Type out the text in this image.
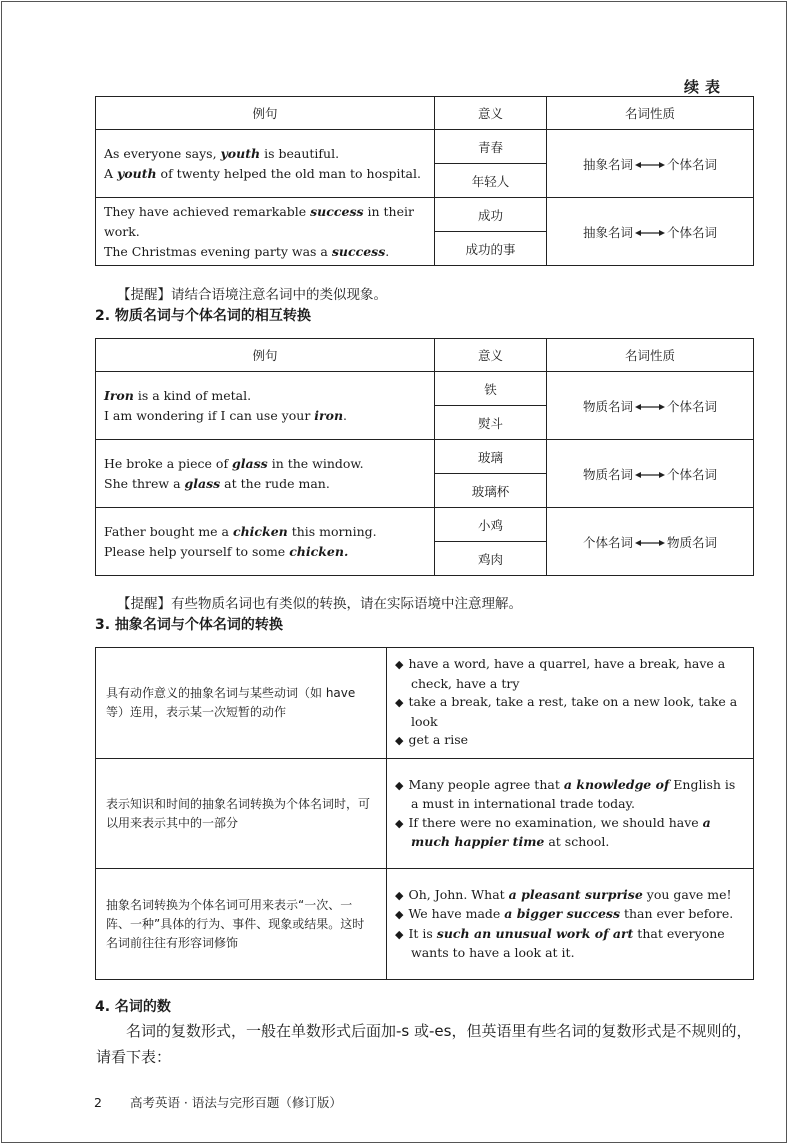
续表
例句	意义	名词性质

As everyone says, youth is beautiful.
A youth of twenty helped the old man to hospital.	青春	抽象名词 个体名词
	年轻人	

They have achieved remarkable success in their work.
The Christmas evening party was a success.	成功	抽象名词 个体名词
	成功的事	
【提醒】请结合语境注意名词中的类似现象。
2. 物质名词与个体名词的相互转换
例句	意义	名词性质

Iron is a kind of metal.
I am wondering if I can use your iron.	铁	物质名词 个体名词
	熨斗	

He broke a piece of glass in the window.
She threw a glass at the rude man.	玻璃	物质名词 个体名词
	玻璃杯	

Father bought me a chicken this morning.
Please help yourself to some chicken.	小鸡	个体名词 物质名词
	鸡肉	
【提醒】有些物质名词也有类似的转换，请在实际语境中注意理解。
3. 抽象名词与个体名词的转换
具有动作意义的抽象名词与某些动词（如 have 等）连用，表示某一次短暂的动作	◆ have a word, have a quarrel, have a break, have a check, have a try
◆ take a break, take a rest, take on a new look, take a look
◆ get a rise

表示知识和时间的抽象名词转换为个体名词时，可以用来表示其中的一部分	◆ Many people agree that a knowledge of English is a must in international trade today.
◆ If there were no examination, we should have a much happier time at school.

抽象名词转换为个体名词可用来表示“一次、一阵、一种”具体的行为、事件、现象或结果。这时名词前往往有形容词修饰	◆ Oh, John. What a pleasant surprise you gave me!
◆ We have made a bigger success than ever before.
◆ It is such an unusual work of art that everyone wants to have a look at it.
4. 名词的数
名词的复数形式，一般在单数形式后面加-s 或-es，但英语里有些名词的复数形式是不规则的，请看下表：
2 高考英语 · 语法与完形百题（修订版）
